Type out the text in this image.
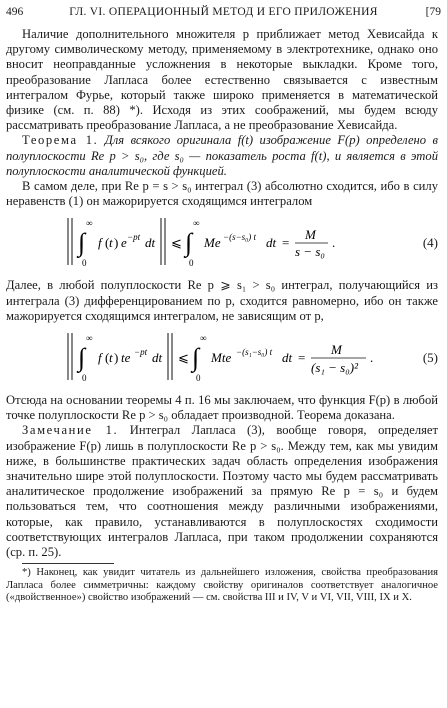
496	ГЛ. VI. ОПЕРАЦИОННЫЙ МЕТОД И ЕГО ПРИЛОЖЕНИЯ	[79

Наличие дополнительного множителя p приближает метод Хевисайда к другому символическому методу, применяемому в электротехнике, однако оно вносит неоправданные усложнения в некоторые выкладки. Кроме того, преобразование Лапласа более естественно связывается с известным интегралом Фурье, который также широко применяется в математической физике (см. п. 88) *). Исходя из этих соображений, мы будем всюду рассматривать преобразование Лапласа, а не преобразование Хевисайда.

Теорема 1. Для всякого оригинала f(t) изображение F(p) определено в полуплоскости Re p > s₀, где s₀ — показатель роста f(t), и является в этой полуплоскости аналитической функцией.

В самом деле, при Re p = s > s₀ интеграл (3) абсолютно сходится, ибо в силу неравенств (1) он мажорируется сходящимся интегралом

∫
∞
0
f ( t ) e −pt dt ⩽ ∫
∞
0
Me −(s−s₀) t dt =
M
s − s₀
.	(4)

Далее, в любой полуплоскости Re p ⩾ s₁ > s₀ интеграл, получающийся из интеграла (3) дифференцированием по p, сходится равномерно, ибо он также мажорируется сходящимся интегралом, не зависящим от p,

∫
∞
0
f ( t ) te −pt dt ⩽ ∫
∞
0
Mte −(s₁−s₀) t dt =
M
(s₁ − s₀)²
.	(5)

Отсюда на основании теоремы 4 п. 16 мы заключаем, что функция F(p) в любой точке полуплоскости Re p > s₀ обладает производной. Теорема доказана.

Замечание 1. Интеграл Лапласа (3), вообще говоря, определяет изображение F(p) лишь в полуплоскости Re p > s₀. Между тем, как мы увидим ниже, в большинстве практических задач область определения изображения значительно шире этой полуплоскости. Поэтому часто мы будем рассматривать аналитическое продолжение изображений за прямую Re p = s₀ и будем пользоваться тем, что соотношения между различными изображениями, которые, как правило, устанавливаются в полуплоскостях сходимости соответствующих интегралов Лапласа, при таком продолжении сохраняются (ср. п. 25).

*) Наконец, как увидит читатель из дальнейшего изложения, свойства преобразования Лапласа более симметричны: каждому свойству оригиналов соответствует аналогичное («двойственное») свойство изображений — см. свойства III и IV, V и VI, VII, VIII, IX и X.
